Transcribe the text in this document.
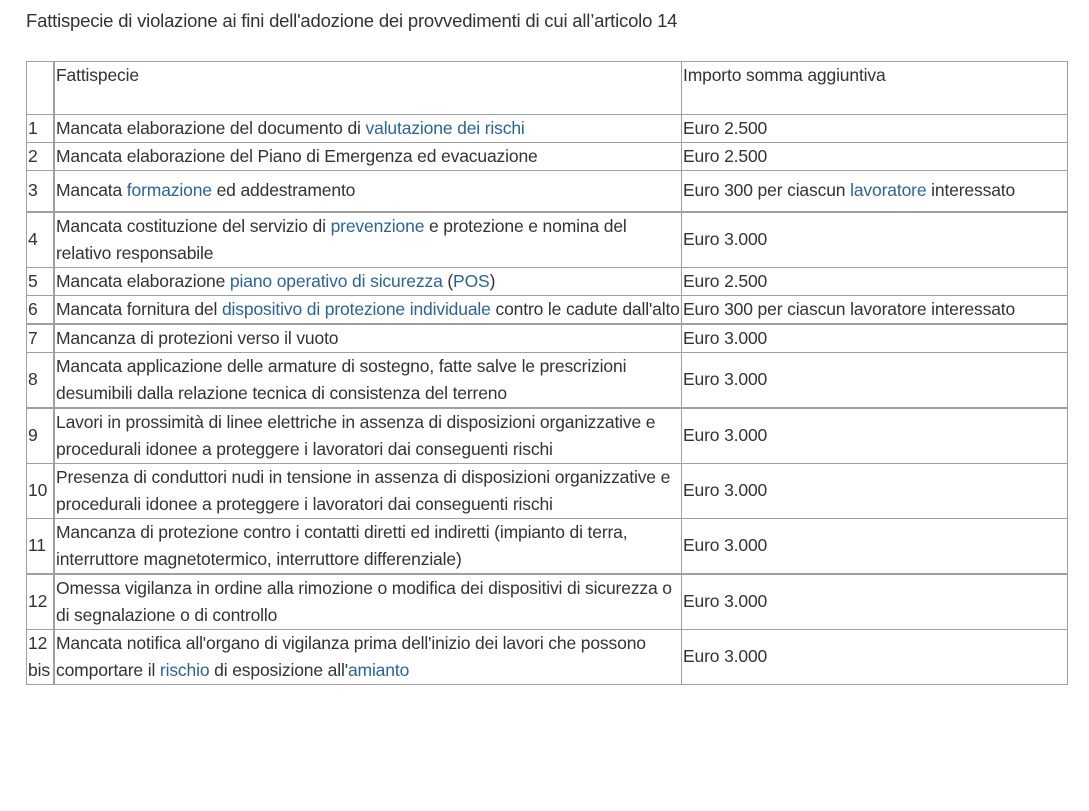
Fattispecie di violazione ai fini dell'adozione dei provvedimenti di cui all’articolo 14
	Fattispecie	Importo somma aggiuntiva
1	Mancata elaborazione del documento di valutazione dei rischi	Euro 2.500
2	Mancata elaborazione del Piano di Emergenza ed evacuazione	Euro 2.500
3	Mancata formazione ed addestramento	Euro 300 per ciascun lavoratore interessato
4	Mancata costituzione del servizio di prevenzione e protezione e nomina del relativo responsabile	Euro 3.000
5	Mancata elaborazione piano operativo di sicurezza (POS)	Euro 2.500
6	Mancata fornitura del dispositivo di protezione individuale contro le cadute dall'alto	Euro 300 per ciascun lavoratore interessato
7	Mancanza di protezioni verso il vuoto	Euro 3.000
8	Mancata applicazione delle armature di sostegno, fatte salve le prescrizioni desumibili dalla relazione tecnica di consistenza del terreno	Euro 3.000
9	Lavori in prossimità di linee elettriche in assenza di disposizioni organizzative e procedurali idonee a proteggere i lavoratori dai conseguenti rischi	Euro 3.000
10	Presenza di conduttori nudi in tensione in assenza di disposizioni organizzative e procedurali idonee a proteggere i lavoratori dai conseguenti rischi	Euro 3.000
11	Mancanza di protezione contro i contatti diretti ed indiretti (impianto di terra, interruttore magnetotermico, interruttore differenziale)	Euro 3.000
12	Omessa vigilanza in ordine alla rimozione o modifica dei dispositivi di sicurezza o di segnalazione o di controllo	Euro 3.000
12 bis	Mancata notifica all'organo di vigilanza prima dell'inizio dei lavori che possono comportare il rischio di esposizione all'amianto	Euro 3.000
